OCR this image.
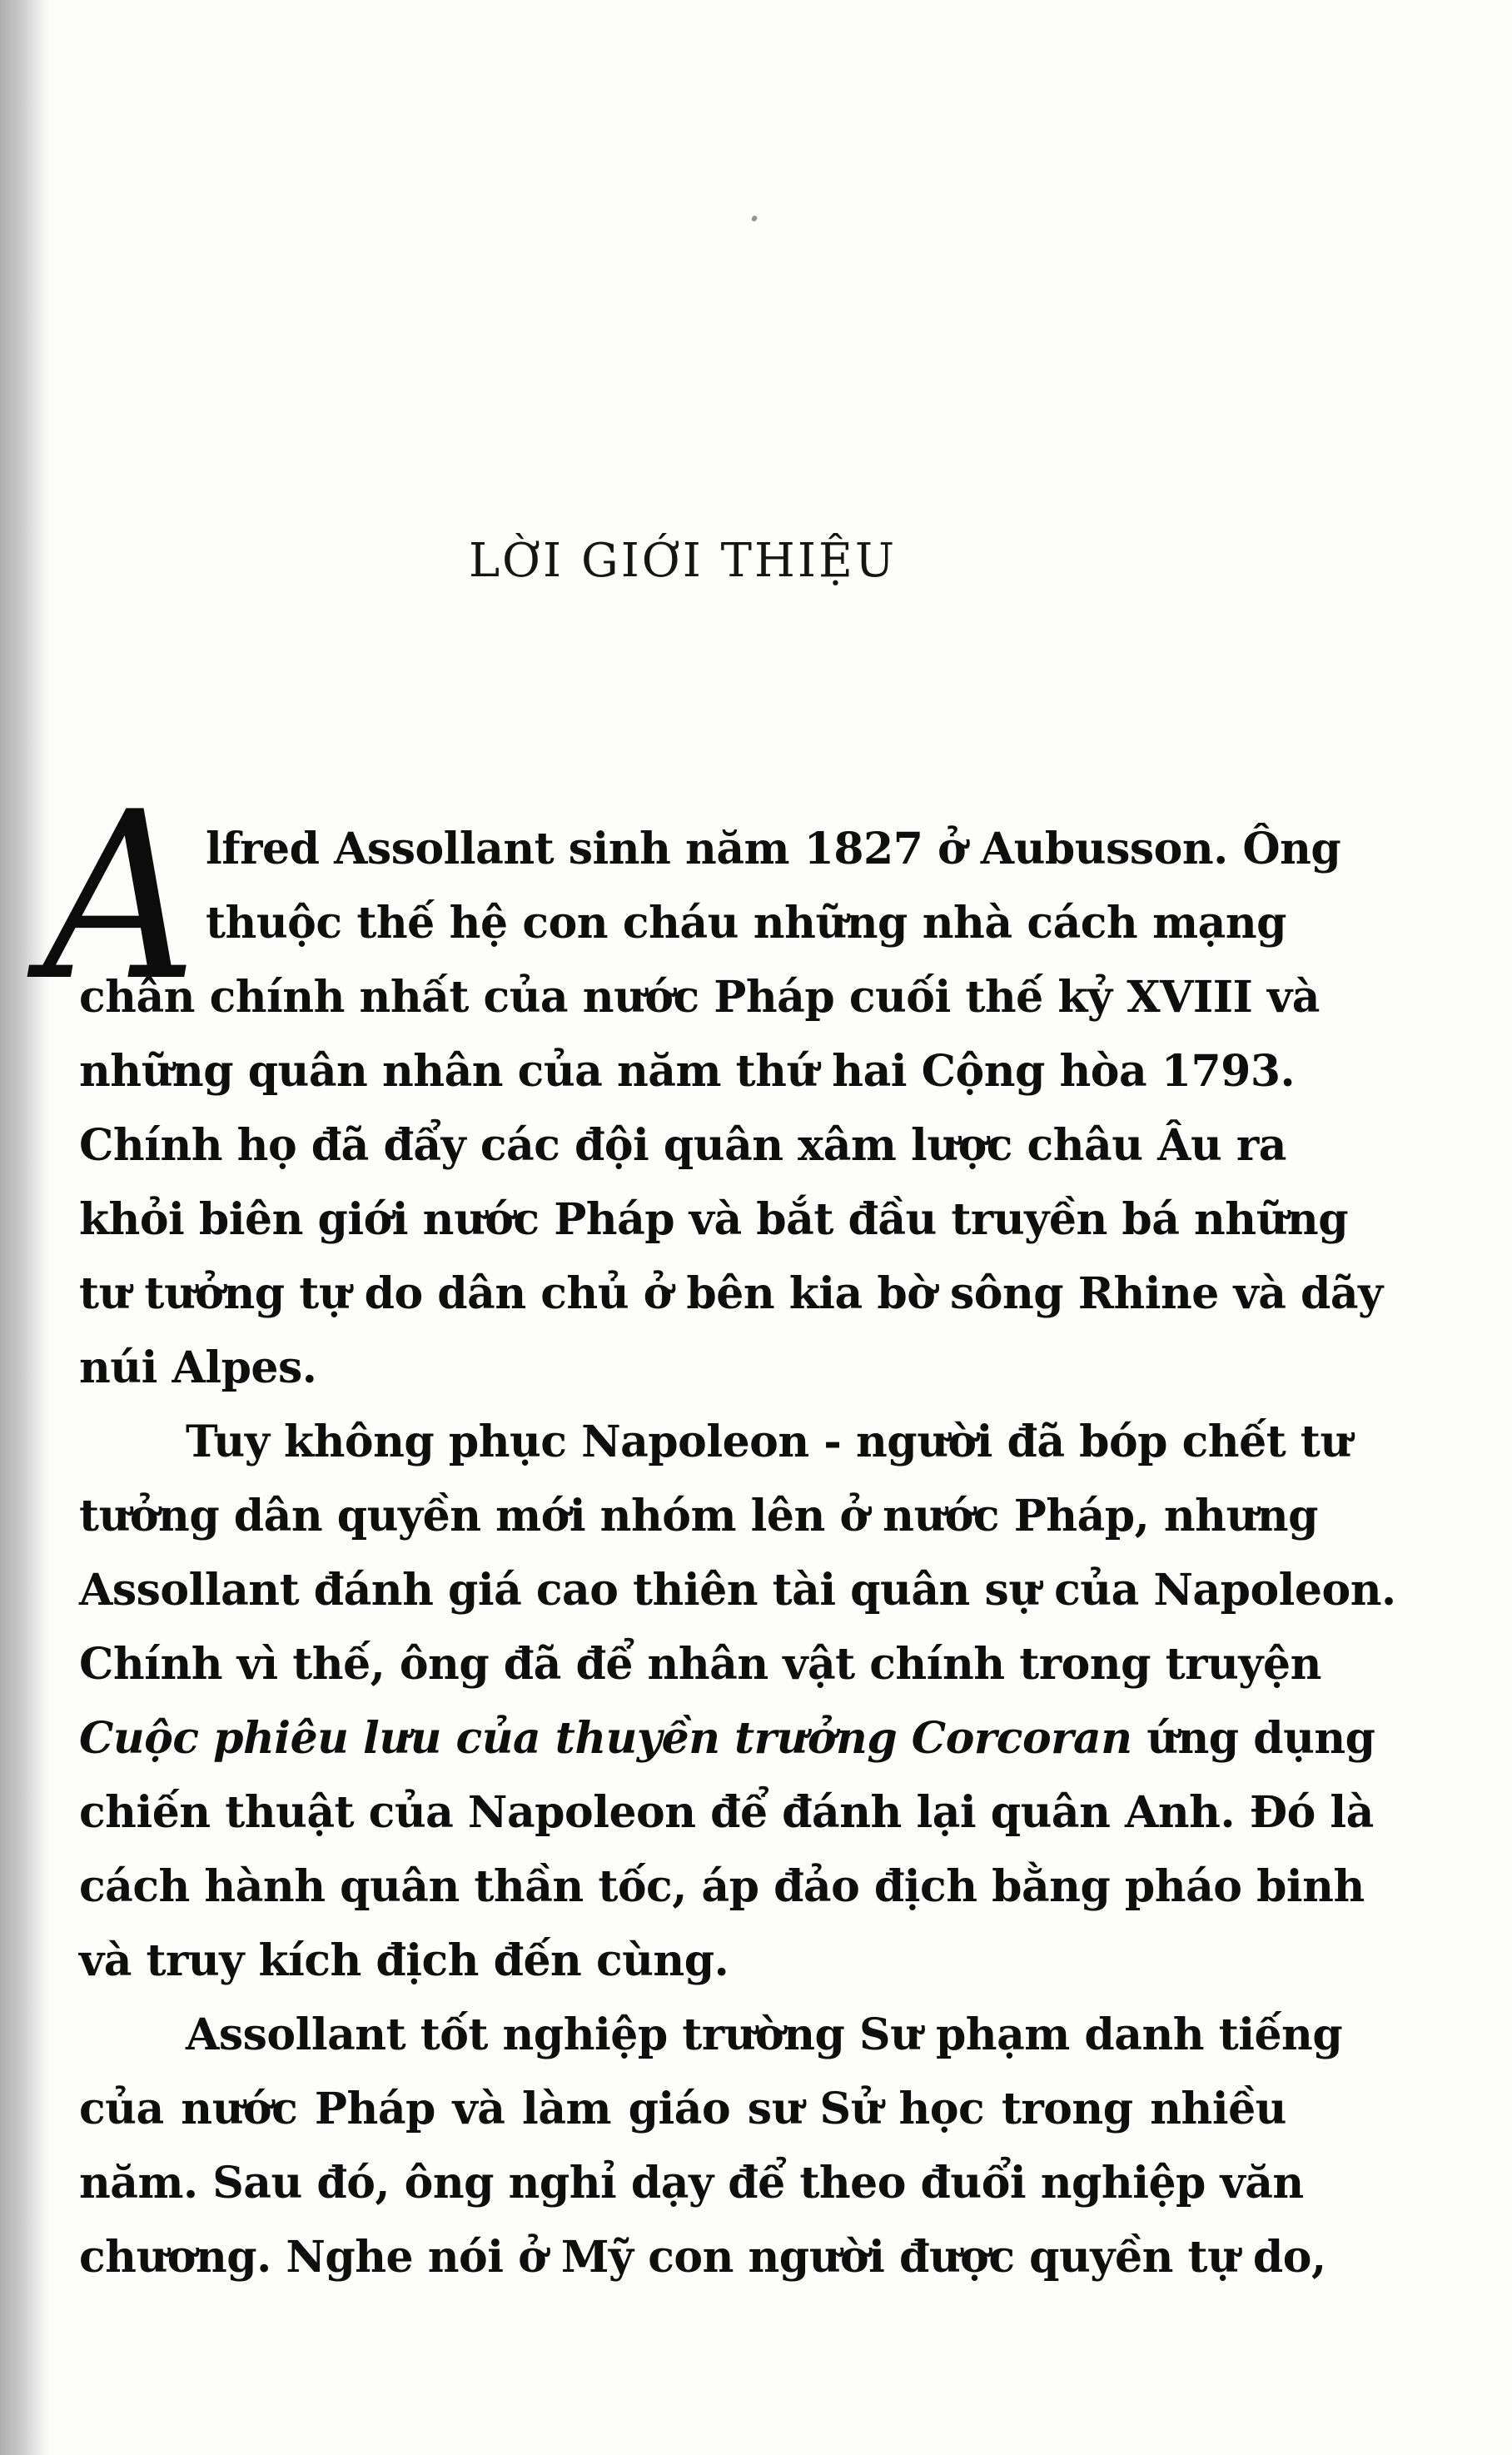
LỜI GIỚI THIỆU
A lfred Assollant sinh năm 1827 ở Aubusson. Ông
thuộc thế hệ con cháu những nhà cách mạng
chân chính nhất của nước Pháp cuối thế kỷ XVIII và
những quân nhân của năm thứ hai Cộng hòa 1793.
Chính họ đã đẩy các đội quân xâm lược châu Âu ra
khỏi biên giới nước Pháp và bắt đầu truyền bá những
tư tưởng tự do dân chủ ở bên kia bờ sông Rhine và dãy
núi Alpes.
Tuy không phục Napoleon - người đã bóp chết tư
tưởng dân quyền mới nhóm lên ở nước Pháp, nhưng
Assollant đánh giá cao thiên tài quân sự của Napoleon.
Chính vì thế, ông đã để nhân vật chính trong truyện
Cuộc phiêu lưu của thuyền trưởng Corcoran ứng dụng
chiến thuật của Napoleon để đánh lại quân Anh. Đó là
cách hành quân thần tốc, áp đảo địch bằng pháo binh
và truy kích địch đến cùng.
Assollant tốt nghiệp trường Sư phạm danh tiếng
của nước Pháp và làm giáo sư Sử học trong nhiều
năm. Sau đó, ông nghỉ dạy để theo đuổi nghiệp văn
chương. Nghe nói ở Mỹ con người được quyền tự do,
